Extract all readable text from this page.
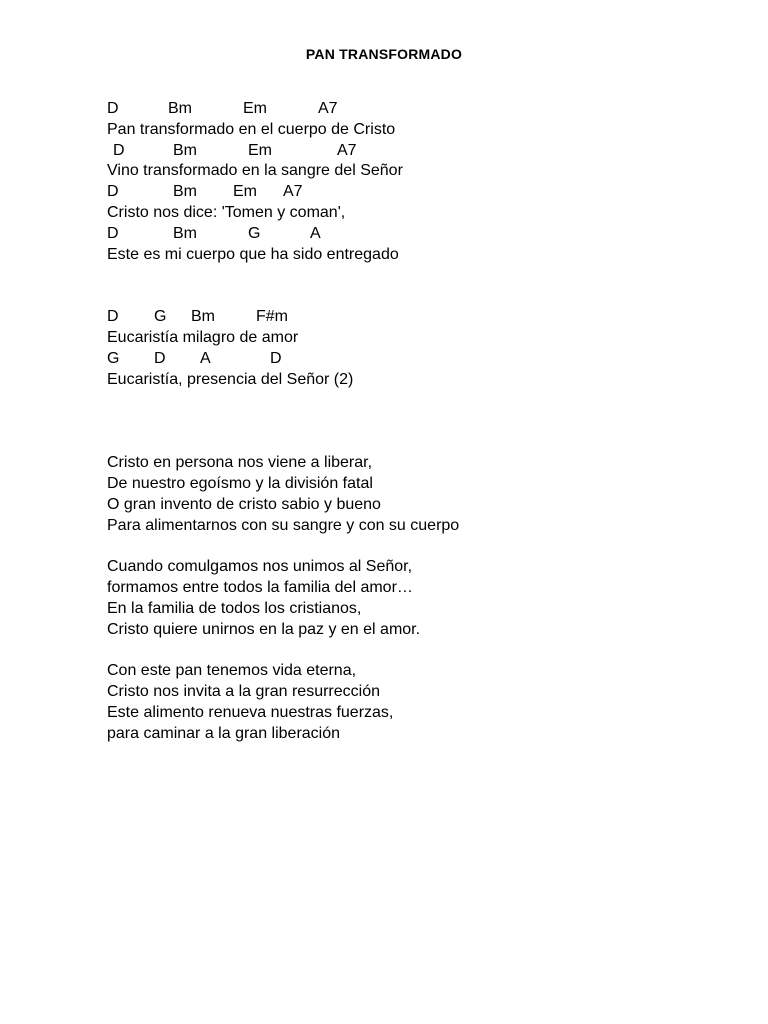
PAN TRANSFORMADO
D	Bm	Em	A7

Pan transformado en el cuerpo de Cristo

D	Bm	Em	A7

Vino transformado en la sangre del Señor

D	Bm Em A7

Cristo nos dice: 'Tomen y coman',

D	Bm	G	A

Este es mi cuerpo que ha sido entregado

D G Bm	F#m

Eucaristía milagro de amor

G D A	D

Eucaristía, presencia del Señor (2)

Cristo en persona nos viene a liberar,

De nuestro egoísmo y la división fatal

O gran invento de cristo sabio y bueno

Para alimentarnos con su sangre y con su cuerpo

Cuando comulgamos nos unimos al Señor,

formamos entre todos la familia del amor…

En la familia de todos los cristianos,

Cristo quiere unirnos en la paz y en el amor.

Con este pan tenemos vida eterna,

Cristo nos invita a la gran resurrección

Este alimento renueva nuestras fuerzas,

para caminar a la gran liberación
